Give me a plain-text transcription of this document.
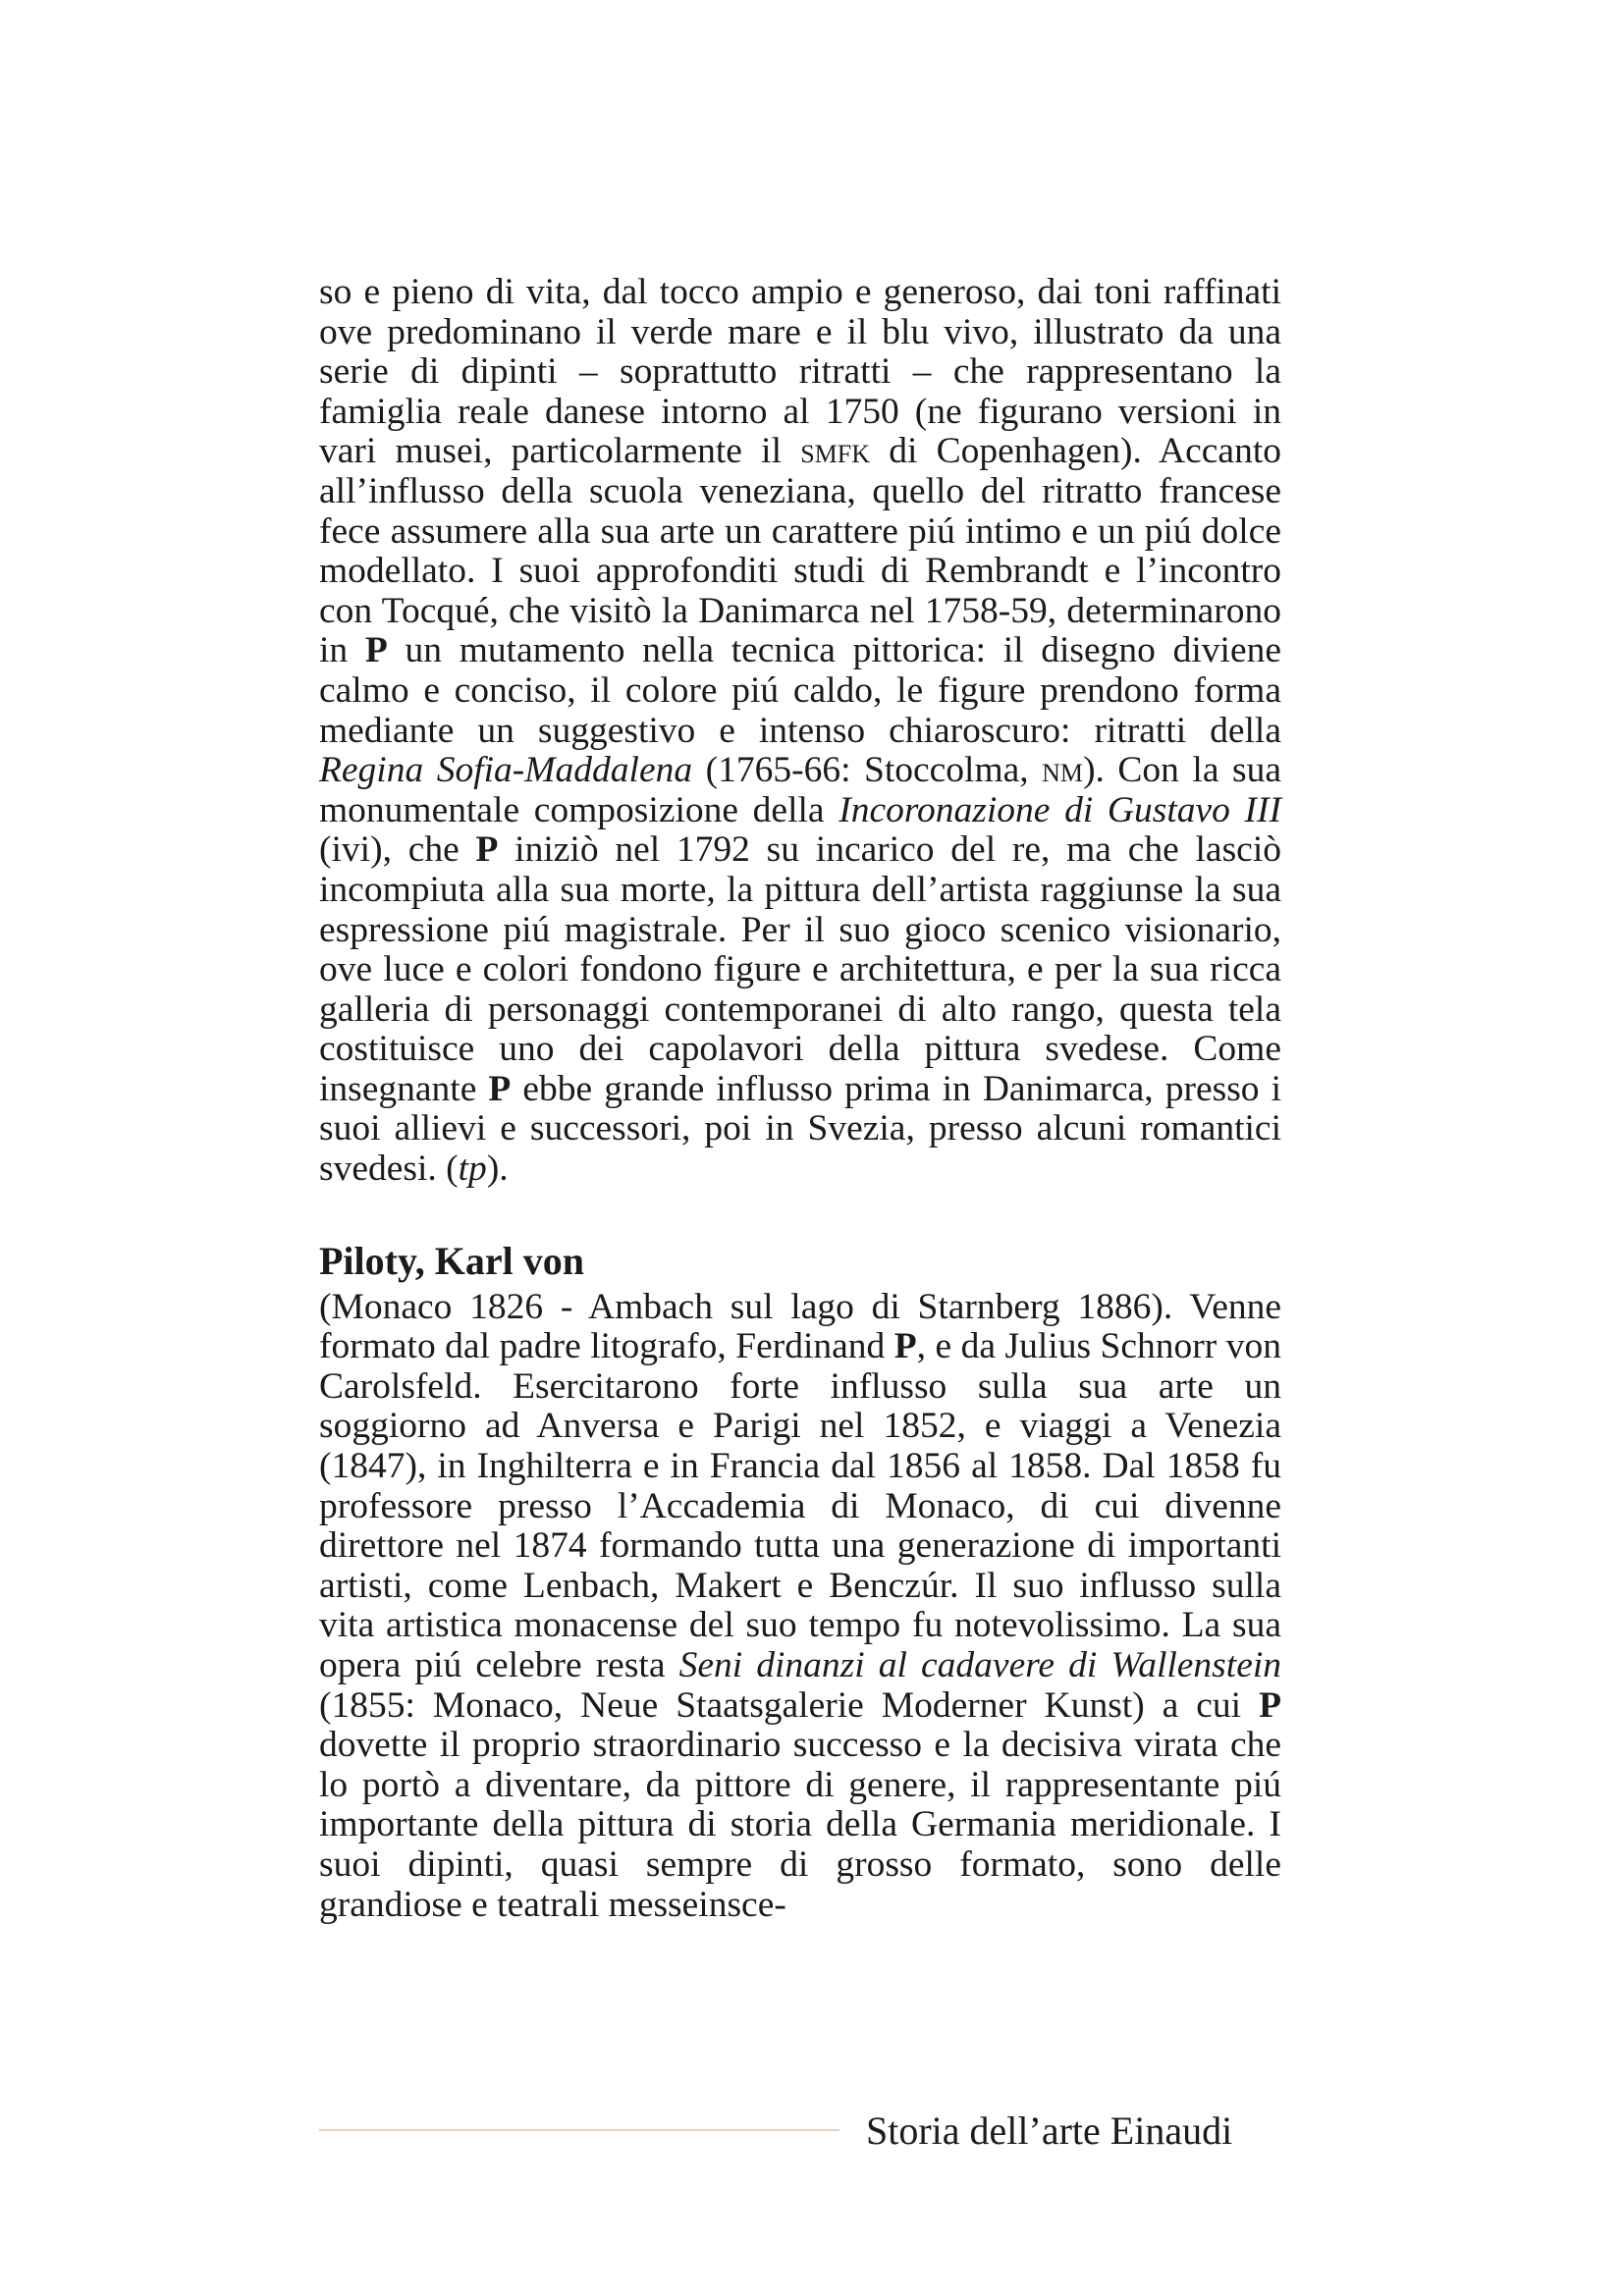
so e pieno di vita, dal tocco ampio e generoso, dai toni raffinati ove predominano il verde mare e il blu vivo, illustrato da una serie di dipinti – soprattutto ritratti – che rappresentano la famiglia reale danese intorno al 1750 (ne figurano versioni in vari musei, particolarmente il smfk di Copenhagen). Accanto all’influsso della scuola veneziana, quello del ritratto francese fece assumere alla sua arte un carattere piú intimo e un piú dolce modellato. I suoi approfonditi studi di Rembrandt e l’incontro con Tocqué, che visitò la Danimarca nel 1758-59, determinarono in P un mutamento nella tecnica pittorica: il disegno diviene calmo e conciso, il colore piú caldo, le figure prendono forma mediante un suggestivo e intenso chiaroscuro: ritratti della Regina Sofia-Maddalena (1765-66: Stoccolma, nm). Con la sua monumentale composizione della Incoronazione di Gustavo III (ivi), che P iniziò nel 1792 su incarico del re, ma che lasciò incompiuta alla sua morte, la pittura dell’artista raggiunse la sua espressione piú magistrale. Per il suo gioco scenico visionario, ove luce e colori fondono figure e architettura, e per la sua ricca galleria di personaggi contemporanei di alto rango, questa tela costituisce uno dei capolavori della pittura svedese. Come insegnante P ebbe grande influsso prima in Danimarca, presso i suoi allievi e successori, poi in Svezia, presso alcuni romantici svedesi. (tp).

Piloty, Karl von

(Monaco 1826 - Ambach sul lago di Starnberg 1886). Venne formato dal padre litografo, Ferdinand P, e da Julius Schnorr von Carolsfeld. Esercitarono forte influsso sulla sua arte un soggiorno ad Anversa e Parigi nel 1852, e viaggi a Venezia (1847), in Inghilterra e in Francia dal 1856 al 1858. Dal 1858 fu professore presso l’Accademia di Monaco, di cui divenne direttore nel 1874 formando tutta una generazione di importanti artisti, come Lenbach, Makert e Benczúr. Il suo influsso sulla vita artistica monacense del suo tempo fu notevolissimo. La sua opera piú celebre resta Seni dinanzi al cadavere di Wallenstein (1855: Monaco, Neue Staatsgalerie Moderner Kunst) a cui P dovette il proprio straordinario successo e la decisiva virata che lo portò a diventare, da pittore di genere, il rappresentante piú importante della pittura di storia della Germania meridionale. I suoi dipinti, quasi sempre di grosso formato, sono delle grandiose e teatrali messeinsce-

Storia dell’arte Einaudi
